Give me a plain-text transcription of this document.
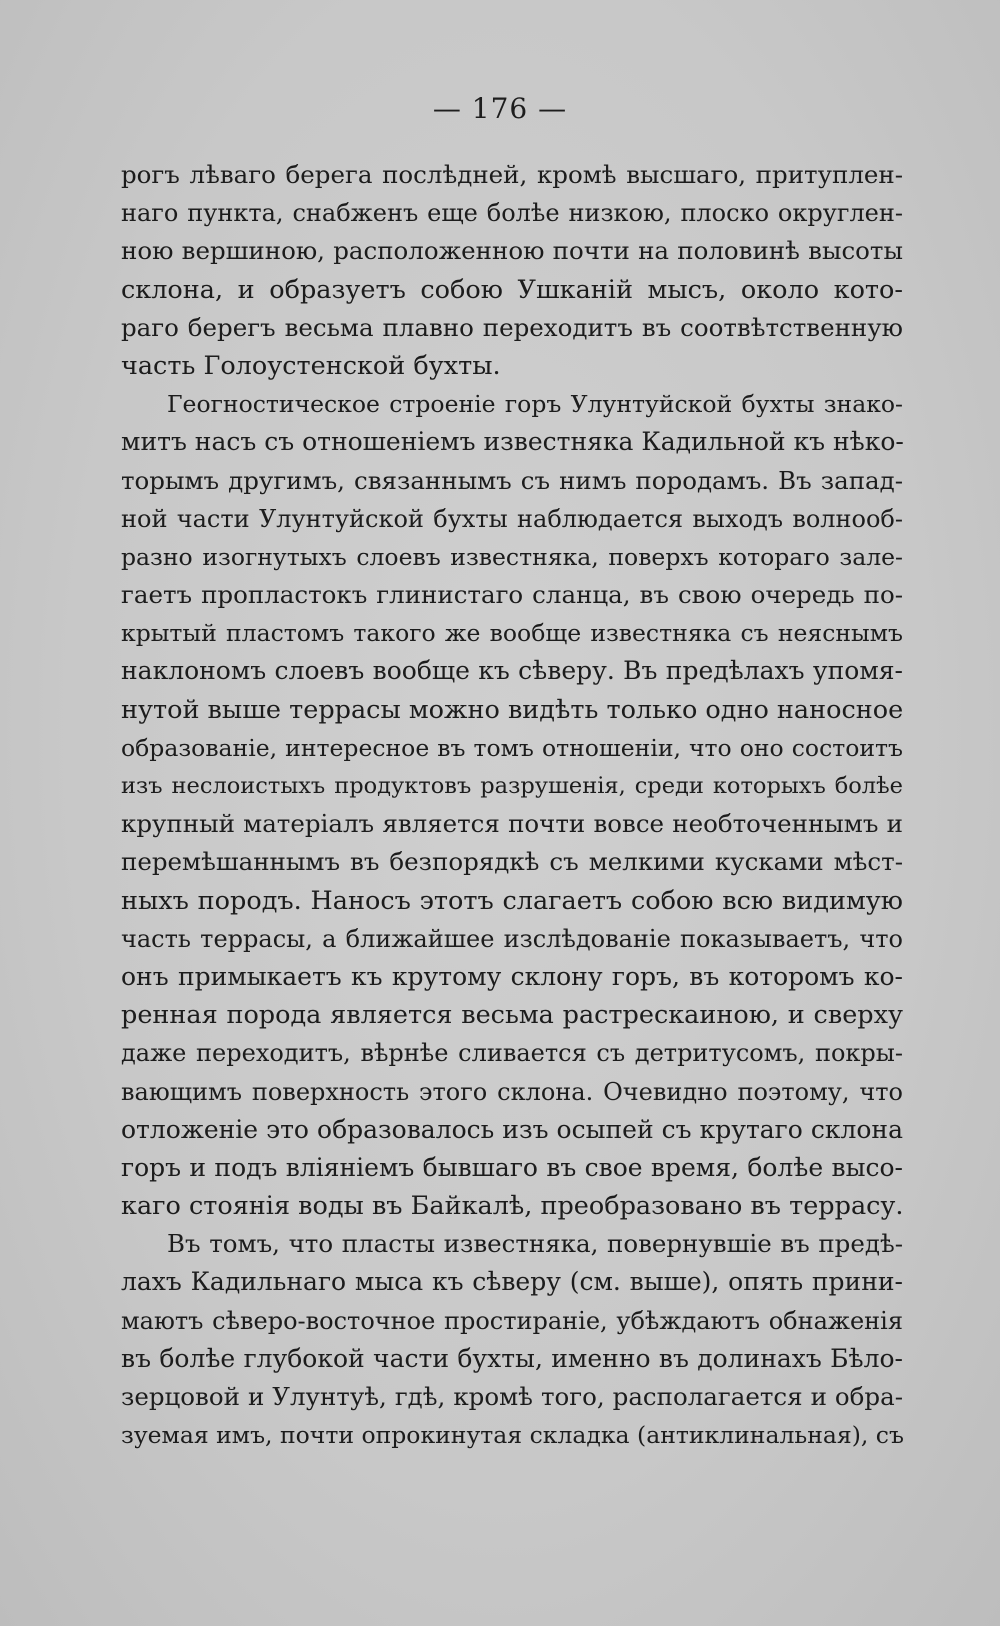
— 176 —
рогъ лѣваго берега послѣдней, кромѣ высшаго, притуплен-
наго пункта, снабженъ еще болѣе низкою, плоско округлен-
ною вершиною, расположенною почти на половинѣ высоты
склона, и образуетъ собою Ушканій мысъ, около кото-
раго берегъ весьма плавно переходитъ въ соотвѣтственную
часть Голоустенской бухты.
Геогностическое строеніе горъ Улунтуйской бухты знако-
митъ насъ съ отношеніемъ известняка Кадильной къ нѣко-
торымъ другимъ, связаннымъ съ нимъ породамъ. Въ запад-
ной части Улунтуйской бухты наблюдается выходъ волнооб-
разно изогнутыхъ слоевъ известняка, поверхъ котораго зале-
гаетъ пропластокъ глинистаго сланца, въ свою очередь по-
крытый пластомъ такого же вообще известняка съ неяснымъ
наклономъ слоевъ вообще къ сѣверу. Въ предѣлахъ упомя-
нутой выше террасы можно видѣть только одно наносное
образованіе, интересное въ томъ отношеніи, что оно состоитъ
изъ неслоистыхъ продуктовъ разрушенія, среди которыхъ болѣе
крупный матеріалъ является почти вовсе необточеннымъ и
перемѣшаннымъ въ безпорядкѣ съ мелкими кусками мѣст-
ныхъ породъ. Наносъ этотъ слагаетъ собою всю видимую
часть террасы, а ближайшее изслѣдованіе показываетъ, что
онъ примыкаетъ къ крутому склону горъ, въ которомъ ко-
ренная порода является весьма растрескаиною, и сверху
даже переходитъ, вѣрнѣе сливается съ детритусомъ, покры-
вающимъ поверхность этого склона. Очевидно поэтому, что
отложеніе это образовалось изъ осыпей съ крутаго склона
горъ и подъ вліяніемъ бывшаго въ свое время, болѣе высо-
каго стоянія воды въ Байкалѣ, преобразовано въ террасу.
Въ томъ, что пласты известняка, повернувшіе въ предѣ-
лахъ Кадильнаго мыса къ сѣверу (см. выше), опять прини-
маютъ сѣверо-восточное простираніе, убѣждаютъ обнаженія
въ болѣе глубокой части бухты, именно въ долинахъ Бѣло-
зерцовой и Улунтуѣ, гдѣ, кромѣ того, располагается и обра-
зуемая имъ, почти опрокинутая складка (антиклинальная), съ
